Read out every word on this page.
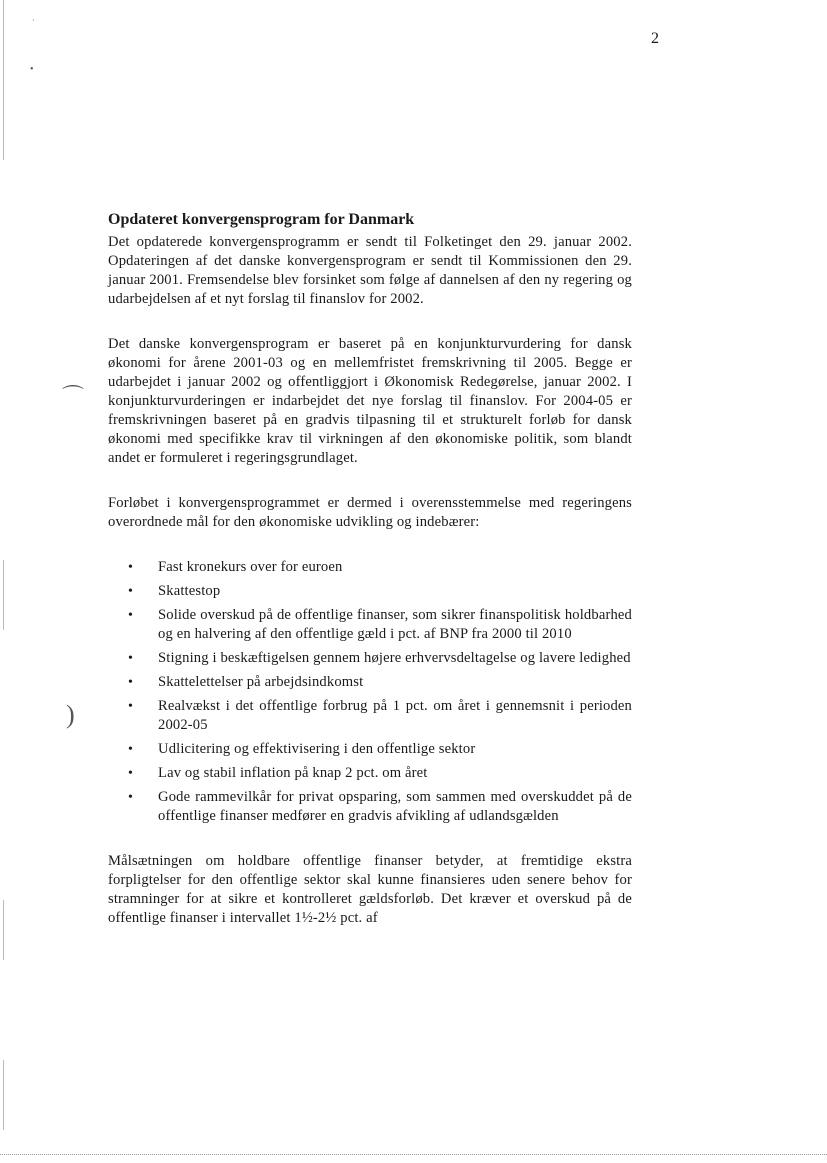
·
•
⌒
)
2
Opdateret konvergensprogram for Danmark

Det opdaterede konvergensprogramm er sendt til Folketinget den 29. januar 2002. Opdateringen af det danske konvergensprogram er sendt til Kommissionen den 29. januar 2001. Fremsendelse blev forsinket som følge af dannelsen af den ny regering og udarbejdelsen af et nyt forslag til finanslov for 2002.

Det danske konvergensprogram er baseret på en konjunkturvurdering for dansk økonomi for årene 2001-03 og en mellemfristet fremskrivning til 2005. Begge er udarbejdet i januar 2002 og offentliggjort i Økonomisk Redegørelse, januar 2002. I konjunkturvurderingen er indarbejdet det nye forslag til finanslov. For 2004-05 er fremskrivningen baseret på en gradvis tilpasning til et strukturelt forløb for dansk økonomi med specifikke krav til virkningen af den økonomiske politik, som blandt andet er formuleret i regeringsgrundlaget.

Forløbet i konvergensprogrammet er dermed i overensstemmelse med regeringens overordnede mål for den økonomiske udvikling og indebærer:

• Fast kronekurs over for euroen
• Skattestop
• Solide overskud på de offentlige finanser, som sikrer finanspolitisk holdbarhed og en halvering af den offentlige gæld i pct. af BNP fra 2000 til 2010
• Stigning i beskæftigelsen gennem højere erhvervsdeltagelse og lavere ledighed
• Skattelettelser på arbejdsindkomst
• Realvækst i det offentlige forbrug på 1 pct. om året i gennemsnit i perioden 2002-05
• Udlicitering og effektivisering i den offentlige sektor
• Lav og stabil inflation på knap 2 pct. om året
• Gode rammevilkår for privat opsparing, som sammen med overskuddet på de offentlige finanser medfører en gradvis afvikling af udlandsgælden

Målsætningen om holdbare offentlige finanser betyder, at fremtidige ekstra forpligtelser for den offentlige sektor skal kunne finansieres uden senere behov for stramninger for at sikre et kontrolleret gældsforløb. Det kræver et overskud på de offentlige finanser i intervallet 1½-2½ pct. af
